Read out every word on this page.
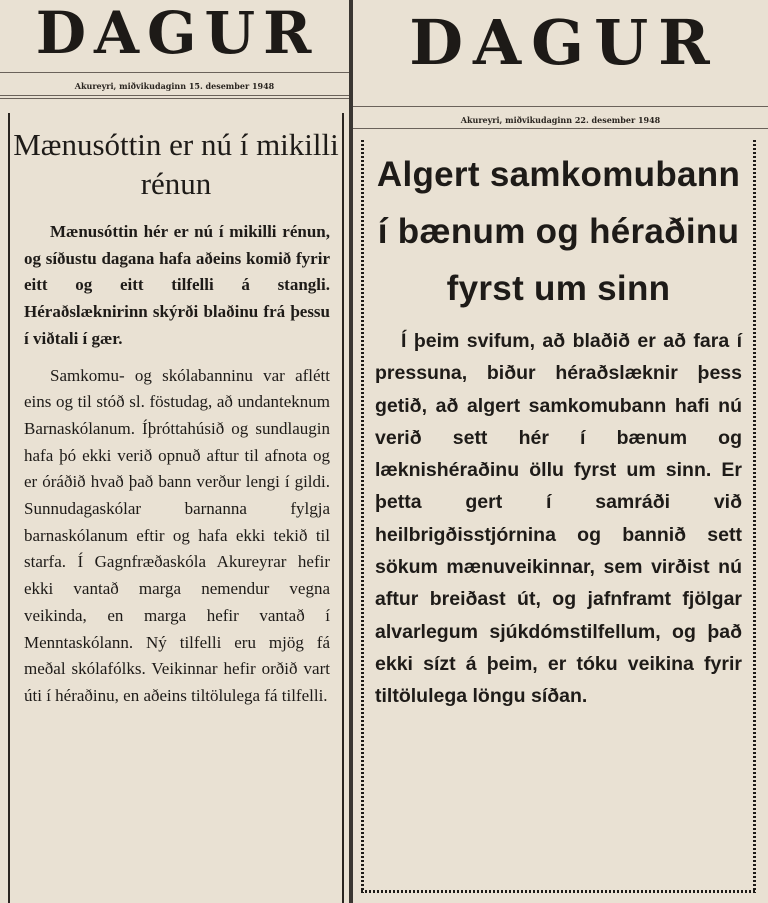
DAGUR
Akureyri, miðvikudaginn 15. desember 1948
Mænusóttin er nú í mikilli rénun

Mænusóttin hér er nú í mikilli rénun, og síðustu dagana hafa aðeins komið fyrir eitt og eitt tilfelli á stangli. Héraðslæknirinn skýrði blaðinu frá þessu í viðtali í gær.

Samkomu- og skólabanninu var aflétt eins og til stóð sl. föstudag, að undanteknum Barnaskólanum. Íþróttahúsið og sundlaugin hafa þó ekki verið opnuð aftur til afnota og er óráðið hvað það bann verður lengi í gildi. Sunnudagaskólar barnanna fylgja barnaskólanum eftir og hafa ekki tekið til starfa. Í Gagnfræðaskóla Akureyrar hefir ekki vantað marga nemendur vegna veikinda, en marga hefir vantað í Menntaskólann. Ný tilfelli eru mjög fá meðal skólafólks. Veikinnar hefir orðið vart úti í héraðinu, en aðeins tiltölulega fá tilfelli.

DAGUR
Akureyri, miðvikudaginn 22. desember 1948
Algert samkomubann í bænum og héraðinu fyrst um sinn

Í þeim svifum, að blaðið er að fara í pressuna, biður héraðslæknir þess getið, að algert samkomubann hafi nú verið sett hér í bænum og læknishéraðinu öllu fyrst um sinn. Er þetta gert í samráði við heilbrigðisstjórnina og bannið sett sökum mænuveikinnar, sem virðist nú aftur breiðast út, og jafnframt fjölgar alvarlegum sjúkdómstilfellum, og það ekki sízt á þeim, er tóku veikina fyrir tiltölulega löngu síðan.
